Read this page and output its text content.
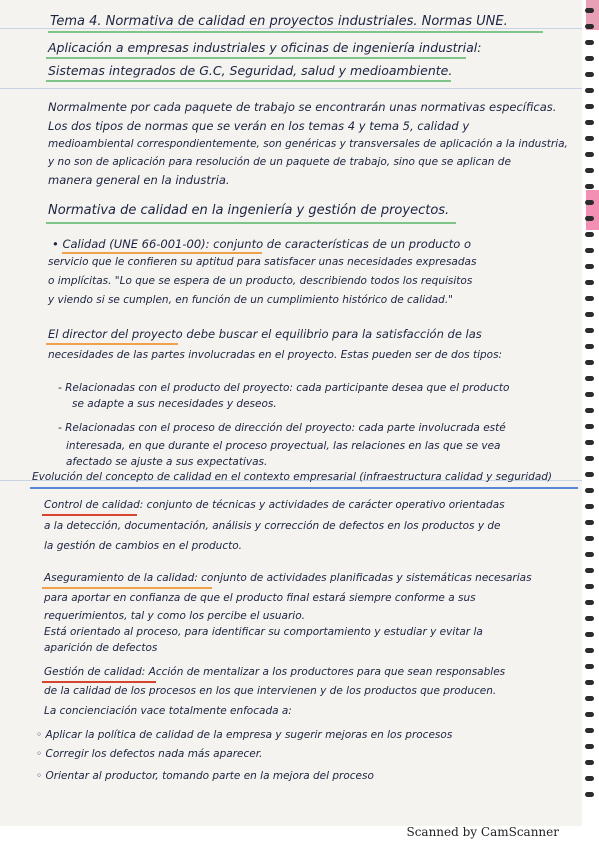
Tema 4. Normativa de calidad en proyectos industriales. Normas UNE.
Aplicación a empresas industriales y oficinas de ingeniería industrial:
Sistemas integrados de G.C, Seguridad, salud y medioambiente.
Normalmente por cada paquete de trabajo se encontrarán unas normativas específicas.
Los dos tipos de normas que se verán en los temas 4 y tema 5, calidad y
medioambiental correspondientemente, son genéricas y transversales de aplicación a la industria,
y no son de aplicación para resolución de un paquete de trabajo, sino que se aplican de
manera general en la industria.
Normativa de calidad en la ingeniería y gestión de proyectos.
• Calidad (UNE 66-001-00): conjunto de características de un producto o
servicio que le confieren su aptitud para satisfacer unas necesidades expresadas
o implícitas. "Lo que se espera de un producto, describiendo todos los requisitos
y viendo si se cumplen, en función de un cumplimiento histórico de calidad."
El director del proyecto debe buscar el equilibrio para la satisfacción de las
necesidades de las partes involucradas en el proyecto. Estas pueden ser de dos tipos:
- Relacionadas con el producto del proyecto: cada participante desea que el producto
se adapte a sus necesidades y deseos.
- Relacionadas con el proceso de dirección del proyecto: cada parte involucrada esté
interesada, en que durante el proceso proyectual, las relaciones en las que se vea
afectado se ajuste a sus expectativas.
Evolución del concepto de calidad en el contexto empresarial (infraestructura calidad y seguridad)
Control de calidad: conjunto de técnicas y actividades de carácter operativo orientadas
a la detección, documentación, análisis y corrección de defectos en los productos y de
la gestión de cambios en el producto.
Aseguramiento de la calidad: conjunto de actividades planificadas y sistemáticas necesarias
para aportar en confianza de que el producto final estará siempre conforme a sus
requerimientos, tal y como los percibe el usuario.
Está orientado al proceso, para identificar su comportamiento y estudiar y evitar la
aparición de defectos
Gestión de calidad: Acción de mentalizar a los productores para que sean responsables
de la calidad de los procesos en los que intervienen y de los productos que producen.
La concienciación vace totalmente enfocada a:
◦ Aplicar la política de calidad de la empresa y sugerir mejoras en los procesos
◦ Corregir los defectos nada más aparecer.
◦ Orientar al productor, tomando parte en la mejora del proceso
Scanned by CamScanner
